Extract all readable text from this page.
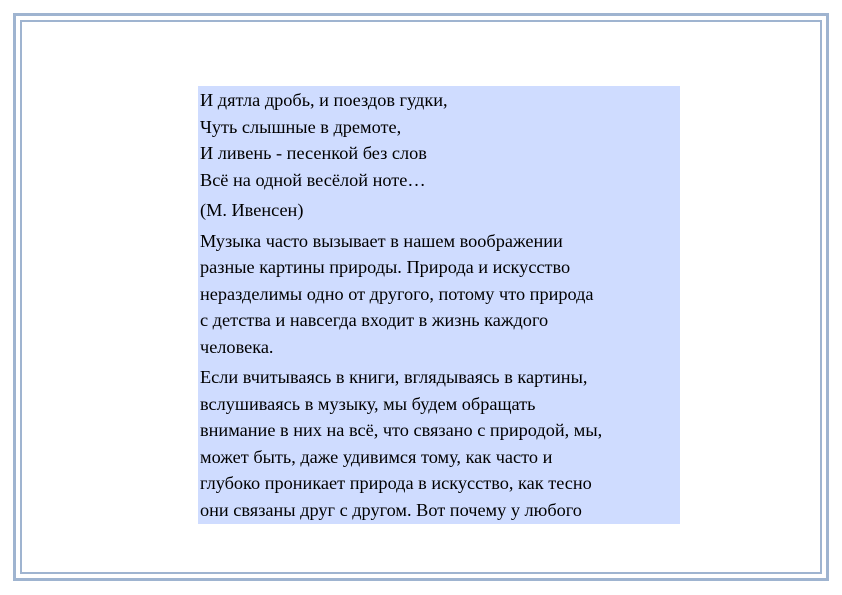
И дятла дробь, и поездов гудки,
Чуть слышные в дремоте,
И ливень - песенкой без слов
Всё на одной весёлой ноте…
(М. Ивенсен)
Музыка часто вызывает в нашем воображении
разные картины природы. Природа и искусство
неразделимы одно от другого, потому что природа
с детства и навсегда входит в жизнь каждого
человека.
Если вчитываясь в книги, вглядываясь в картины,
вслушиваясь в музыку, мы будем обращать
внимание в них на всё, что связано с природой, мы,
может быть, даже удивимся тому, как часто и
глубоко проникает природа в искусство, как тесно
они связаны друг с другом. Вот почему у любого
